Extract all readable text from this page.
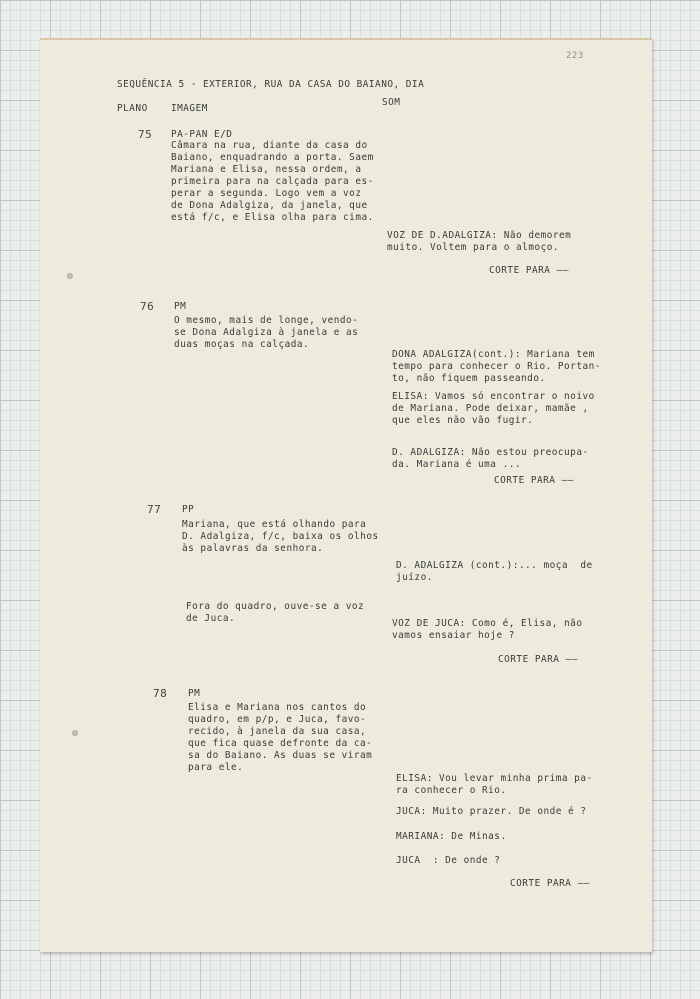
223
SEQUÊNCIA 5 - EXTERIOR, RUA DA CASA DO BAIANO, DIA
PLANO IMAGEM
SOM
75 PA-PAN E/D
Câmara na rua, diante da casa do
Baiano, enquadrando a porta. Saem
Mariana e Elisa, nessa ordem, a
primeira para na calçada para es-
perar a segunda. Logo vem a voz
de Dona Adalgiza, da janela, que
está f/c, e Elisa olha para cima.
VOZ DE D.ADALGIZA: Não demorem
muito. Voltem para o almoço.
CORTE PARA ——
76 PM
O mesmo, mais de longe, vendo-
se Dona Adalgiza à janela e as
duas moças na calçada.
DONA ADALGIZA(cont.): Mariana tem
tempo para conhecer o Rio. Portan-
to, não fiquem passeando.
ELISA: Vamos só encontrar o noivo
de Mariana. Pode deixar, mamãe ,
que eles não vão fugir.
D. ADALGIZA: Não estou preocupa-
da. Mariana é uma ...
CORTE PARA ——
77 PP
Mariana, que está olhando para
D. Adalgiza, f/c, baixa os olhos
às palavras da senhora.
D. ADALGIZA (cont.):... moça  de
juízo.
Fora do quadro, ouve-se a voz
de Juca.	VOZ DE JUCA: Como é, Elisa, não
vamos ensaiar hoje ?
CORTE PARA ——
78 PM
Elisa e Mariana nos cantos do
quadro, em p/p, e Juca, favo-
recido, à janela da sua casa,
que fica quase defronte da ca-
sa do Baiano. As duas se viram
para ele.
ELISA: Vou levar minha prima pa-
ra conhecer o Rio.
JUCA: Muito prazer. De onde é ?
MARIANA: De Minas.
JUCA  : De onde ?
CORTE PARA ——
